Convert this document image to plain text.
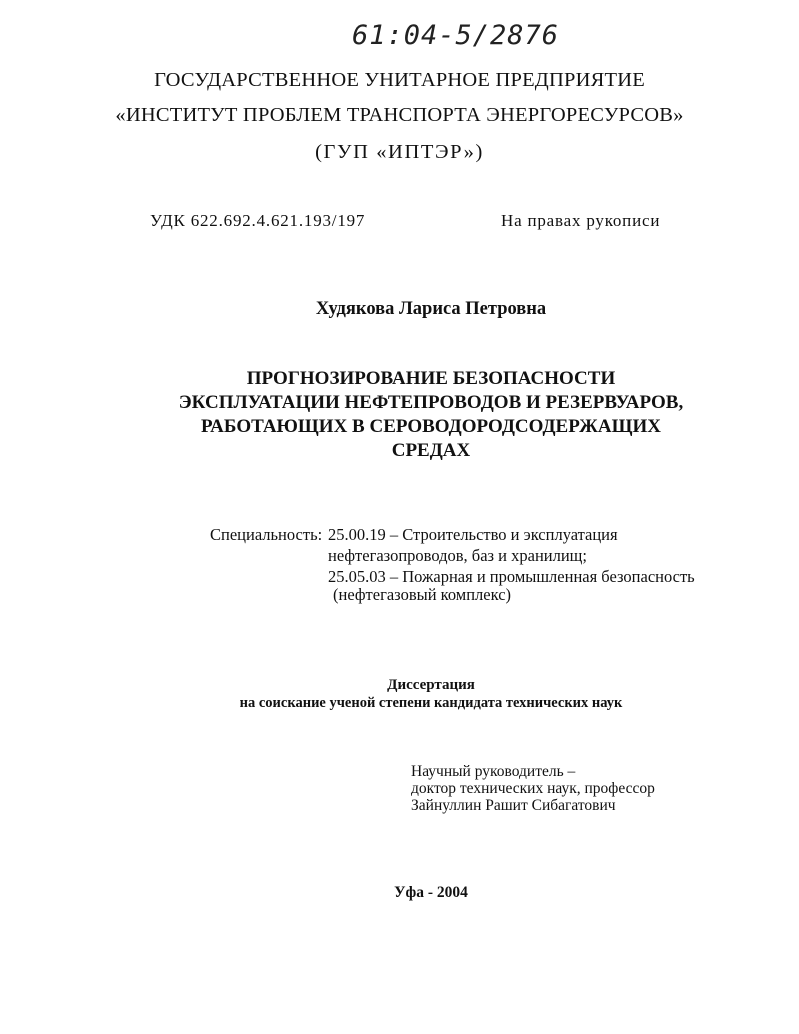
61:04-5/2876
ГОСУДАРСТВЕННОЕ УНИТАРНОЕ ПРЕДПРИЯТИЕ
«ИНСТИТУТ ПРОБЛЕМ ТРАНСПОРТА ЭНЕРГОРЕСУРСОВ»
(ГУП «ИПТЭР»)
УДК 622.692.4.621.193/197	На правах рукописи
Худякова Лариса Петровна
ПРОГНОЗИРОВАНИЕ БЕЗОПАСНОСТИ
ЭКСПЛУАТАЦИИ НЕФТЕПРОВОДОВ И РЕЗЕРВУАРОВ,
РАБОТАЮЩИХ В СЕРОВОДОРОДСОДЕРЖАЩИХ
СРЕДАХ
Специальность: 25.00.19 – Строительство и эксплуатация
нефтегазопроводов, баз и хранилищ;
25.05.03 – Пожарная и промышленная безопасность
(нефтегазовый комплекс)
Диссертация
на соискание ученой степени кандидата технических наук
Научный руководитель –
доктор технических наук, профессор
Зайнуллин Рашит Сибагатович
Уфа - 2004
